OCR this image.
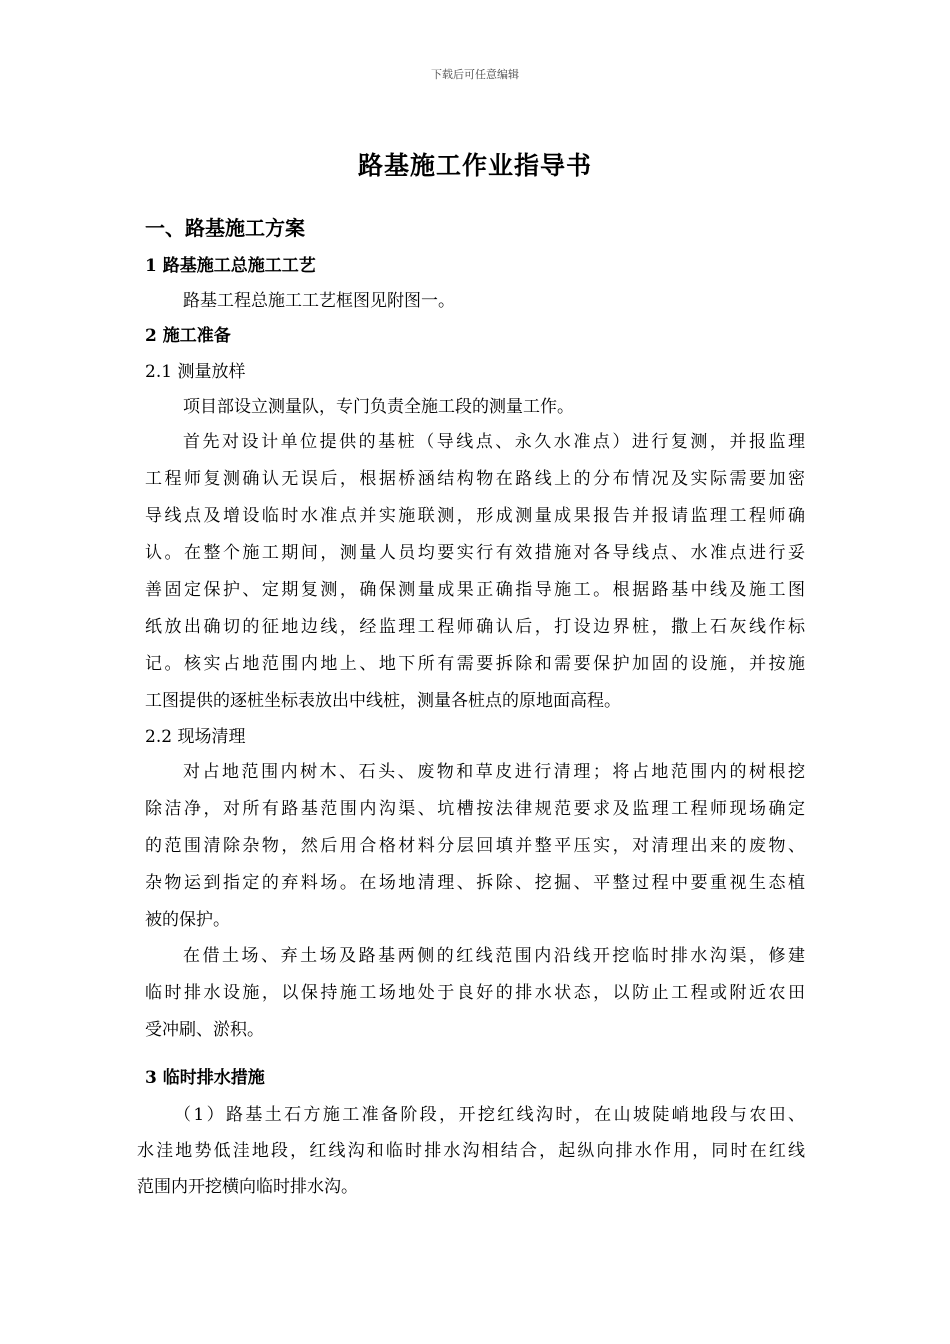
下载后可任意编辑
路基施工作业指导书
一、路基施工方案
1 路基施工总施工工艺
路基工程总施工工艺框图见附图一。
2 施工准备
2.1 测量放样
项目部设立测量队，专门负责全施工段的测量工作。
首先对设计单位提供的基桩（导线点、永久水准点）进行复测，并报监理
工程师复测确认无误后，根据桥涵结构物在路线上的分布情况及实际需要加密
导线点及增设临时水准点并实施联测，形成测量成果报告并报请监理工程师确
认。在整个施工期间，测量人员均要实行有效措施对各导线点、水准点进行妥
善固定保护、定期复测，确保测量成果正确指导施工。根据路基中线及施工图
纸放出确切的征地边线，经监理工程师确认后，打设边界桩，撒上石灰线作标
记。核实占地范围内地上、地下所有需要拆除和需要保护加固的设施，并按施
工图提供的逐桩坐标表放出中线桩，测量各桩点的原地面高程。
2.2 现场清理
对占地范围内树木、石头、废物和草皮进行清理；将占地范围内的树根挖
除洁净，对所有路基范围内沟渠、坑槽按法律规范要求及监理工程师现场确定
的范围清除杂物，然后用合格材料分层回填并整平压实，对清理出来的废物、
杂物运到指定的弃料场。在场地清理、拆除、挖掘、平整过程中要重视生态植
被的保护。
在借土场、弃土场及路基两侧的红线范围内沿线开挖临时排水沟渠，修建
临时排水设施，以保持施工场地处于良好的排水状态，以防止工程或附近农田
受冲刷、淤积。
3 临时排水措施
（1）路基土石方施工准备阶段，开挖红线沟时，在山坡陡峭地段与农田、
水洼地势低洼地段，红线沟和临时排水沟相结合，起纵向排水作用，同时在红线
范围内开挖横向临时排水沟。
